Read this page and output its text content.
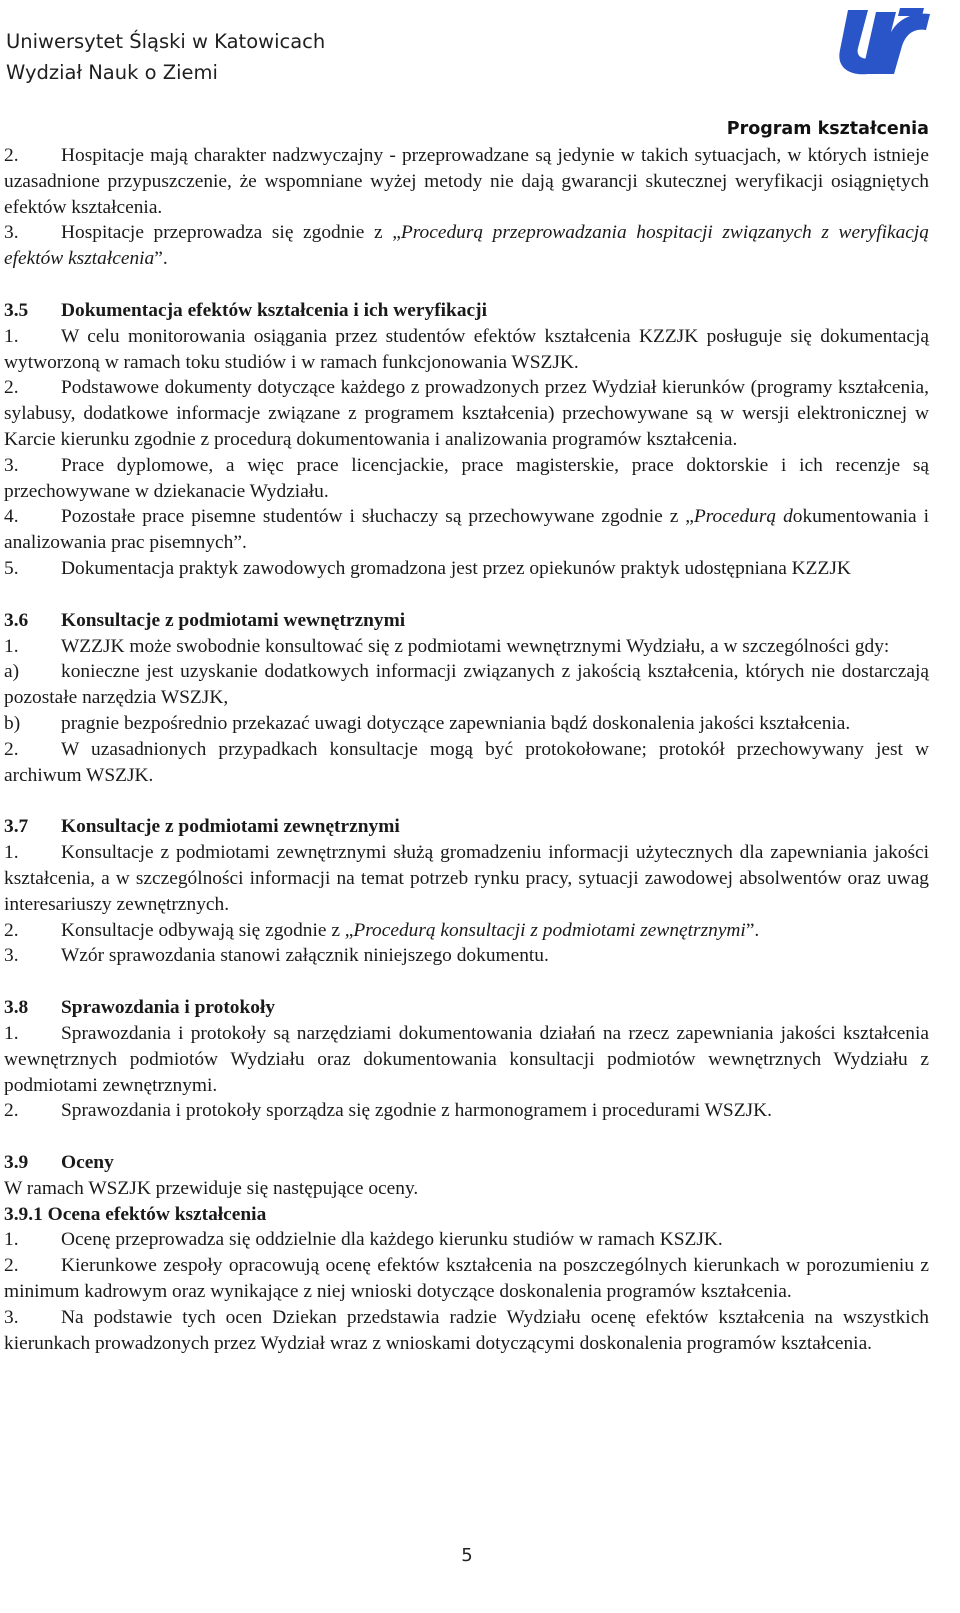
Uniwersytet Śląski w Katowicach
Wydział Nauk o Ziemi
Program kształcenia

2. Hospitacje mają charakter nadzwyczajny - przeprowadzane są jedynie w takich sytuacjach, w których istnieje uzasadnione przypuszczenie, że wspomniane wyżej metody nie dają gwarancji skutecznej weryfikacji osiągniętych efektów kształcenia.

3. Hospitacje przeprowadza się zgodnie z „Procedurą przeprowadzania hospitacji związanych z weryfikacją efektów kształcenia”.

3.5 Dokumentacja efektów kształcenia i ich weryfikacji

1. W celu monitorowania osiągania przez studentów efektów kształcenia KZZJK posługuje się dokumentacją wytworzoną w ramach toku studiów i w ramach funkcjonowania WSZJK.

2. Podstawowe dokumenty dotyczące każdego z prowadzonych przez Wydział kierunków (programy kształcenia, sylabusy, dodatkowe informacje związane z programem kształcenia) przechowywane są w wersji elektronicznej w Karcie kierunku zgodnie z procedurą dokumentowania i analizowania programów kształcenia.

3. Prace dyplomowe, a więc prace licencjackie, prace magisterskie, prace doktorskie i ich recenzje są przechowywane w dziekanacie Wydziału.

4. Pozostałe prace pisemne studentów i słuchaczy są przechowywane zgodnie z „Procedurą dokumentowania i analizowania prac pisemnych”.

5. Dokumentacja praktyk zawodowych gromadzona jest przez opiekunów praktyk udostępniana KZZJK

3.6 Konsultacje z podmiotami wewnętrznymi

1. WZZJK może swobodnie konsultować się z podmiotami wewnętrznymi Wydziału, a w szczególności gdy:

a) konieczne jest uzyskanie dodatkowych informacji związanych z jakością kształcenia, których nie dostarczają pozostałe narzędzia WSZJK,

b) pragnie bezpośrednio przekazać uwagi dotyczące zapewniania bądź doskonalenia jakości kształcenia.

2. W uzasadnionych przypadkach konsultacje mogą być protokołowane; protokół przechowywany jest w archiwum WSZJK.

3.7 Konsultacje z podmiotami zewnętrznymi

1. Konsultacje z podmiotami zewnętrznymi służą gromadzeniu informacji użytecznych dla zapewniania jakości kształcenia, a w szczególności informacji na temat potrzeb rynku pracy, sytuacji zawodowej absolwentów oraz uwag interesariuszy zewnętrznych.

2. Konsultacje odbywają się zgodnie z „Procedurą konsultacji z podmiotami zewnętrznymi”.

3. Wzór sprawozdania stanowi załącznik niniejszego dokumentu.

3.8 Sprawozdania i protokoły

1. Sprawozdania i protokoły są narzędziami dokumentowania działań na rzecz zapewniania jakości kształcenia wewnętrznych podmiotów Wydziału oraz dokumentowania konsultacji podmiotów wewnętrznych Wydziału z podmiotami zewnętrznymi.

2. Sprawozdania i protokoły sporządza się zgodnie z harmonogramem i procedurami WSZJK.

3.9 Oceny

W ramach WSZJK przewiduje się następujące oceny.

3.9.1 Ocena efektów kształcenia

1. Ocenę przeprowadza się oddzielnie dla każdego kierunku studiów w ramach KSZJK.

2. Kierunkowe zespoły opracowują ocenę efektów kształcenia na poszczególnych kierunkach w porozumieniu z minimum kadrowym oraz wynikające z niej wnioski dotyczące doskonalenia programów kształcenia.

3. Na podstawie tych ocen Dziekan przedstawia radzie Wydziału ocenę efektów kształcenia na wszystkich kierunkach prowadzonych przez Wydział wraz z wnioskami dotyczącymi doskonalenia programów kształcenia.

5
